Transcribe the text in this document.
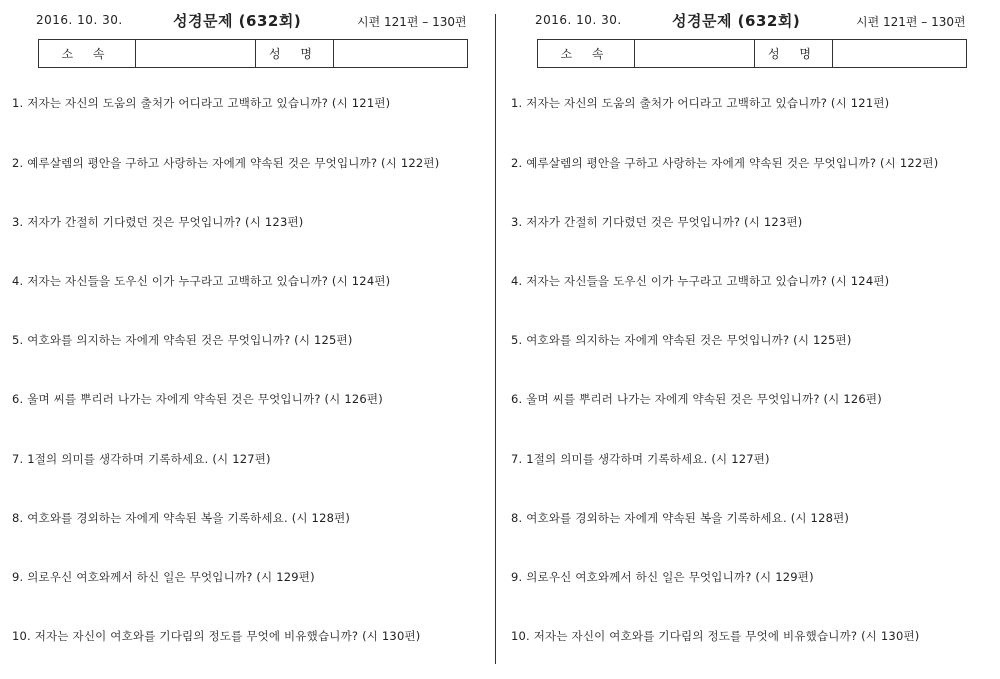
2016. 10. 30.	성경문제 (632회)	시편 121편 – 130편
소 속		성 명	
1. 저자는 자신의 도움의 출처가 어디라고 고백하고 있습니까? (시 121편)
2. 예루살렘의 평안을 구하고 사랑하는 자에게 약속된 것은 무엇입니까? (시 122편)
3. 저자가 간절히 기다렸던 것은 무엇입니까? (시 123편)
4. 저자는 자신들을 도우신 이가 누구라고 고백하고 있습니까? (시 124편)
5. 여호와를 의지하는 자에게 약속된 것은 무엇입니까? (시 125편)
6. 울며 씨를 뿌리러 나가는 자에게 약속된 것은 무엇입니까? (시 126편)
7. 1절의 의미를 생각하며 기록하세요. (시 127편)
8. 여호와를 경외하는 자에게 약속된 복을 기록하세요. (시 128편)
9. 의로우신 여호와께서 하신 일은 무엇입니까? (시 129편)
10. 저자는 자신이 여호와를 기다림의 정도를 무엇에 비유했습니까? (시 130편)
2016. 10. 30.	성경문제 (632회)	시편 121편 – 130편
소 속		성 명	
1. 저자는 자신의 도움의 출처가 어디라고 고백하고 있습니까? (시 121편)
2. 예루살렘의 평안을 구하고 사랑하는 자에게 약속된 것은 무엇입니까? (시 122편)
3. 저자가 간절히 기다렸던 것은 무엇입니까? (시 123편)
4. 저자는 자신들을 도우신 이가 누구라고 고백하고 있습니까? (시 124편)
5. 여호와를 의지하는 자에게 약속된 것은 무엇입니까? (시 125편)
6. 울며 씨를 뿌리러 나가는 자에게 약속된 것은 무엇입니까? (시 126편)
7. 1절의 의미를 생각하며 기록하세요. (시 127편)
8. 여호와를 경외하는 자에게 약속된 복을 기록하세요. (시 128편)
9. 의로우신 여호와께서 하신 일은 무엇입니까? (시 129편)
10. 저자는 자신이 여호와를 기다림의 정도를 무엇에 비유했습니까? (시 130편)
